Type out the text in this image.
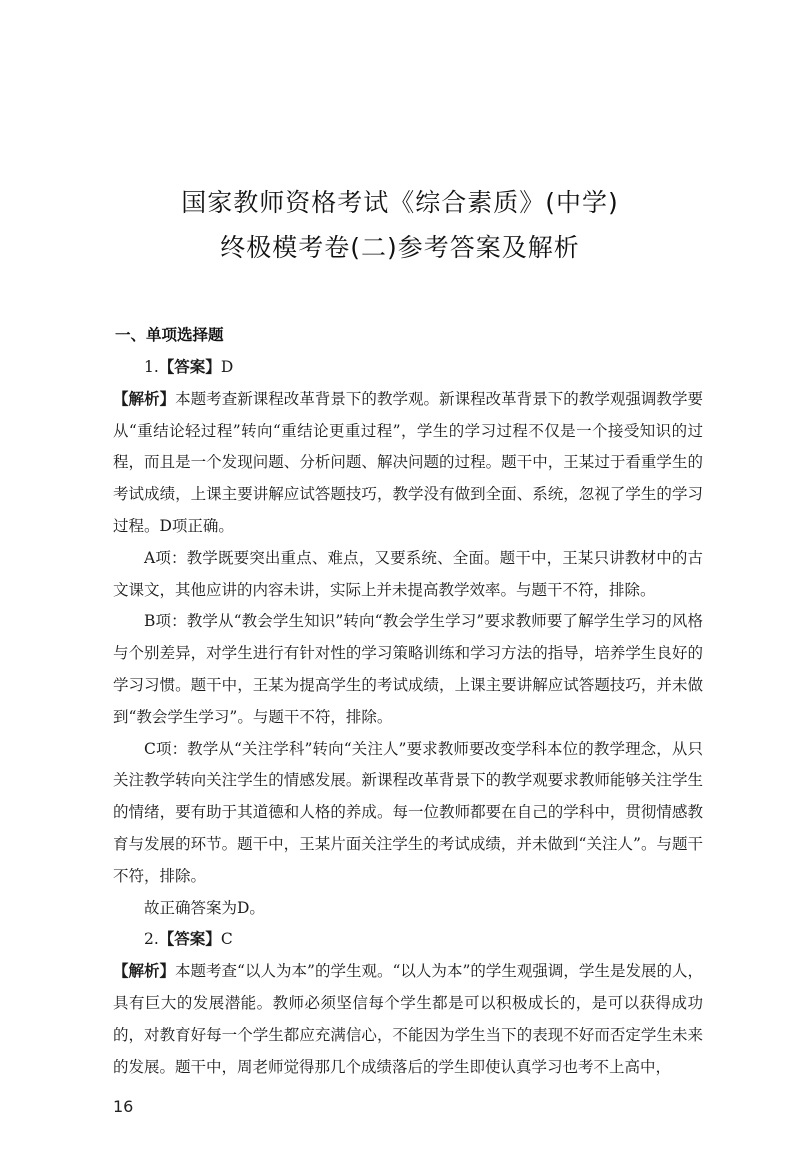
国家教师资格考试《综合素质》(中学)
终极模考卷(二)参考答案及解析
一、单项选择题

1.【答案】D

【解析】本题考查新课程改革背景下的教学观。新课程改革背景下的教学观强调教学要从“重结论轻过程”转向“重结论更重过程”，学生的学习过程不仅是一个接受知识的过程，而且是一个发现问题、分析问题、解决问题的过程。题干中，王某过于看重学生的考试成绩，上课主要讲解应试答题技巧，教学没有做到全面、系统，忽视了学生的学习过程。D项正确。

A项：教学既要突出重点、难点，又要系统、全面。题干中，王某只讲教材中的古文课文，其他应讲的内容未讲，实际上并未提高教学效率。与题干不符，排除。

B项：教学从“教会学生知识”转向“教会学生学习”要求教师要了解学生学习的风格与个别差异，对学生进行有针对性的学习策略训练和学习方法的指导，培养学生良好的学习习惯。题干中，王某为提高学生的考试成绩，上课主要讲解应试答题技巧，并未做到“教会学生学习”。与题干不符，排除。

C项：教学从“关注学科”转向“关注人”要求教师要改变学科本位的教学理念，从只关注教学转向关注学生的情感发展。新课程改革背景下的教学观要求教师能够关注学生的情绪，要有助于其道德和人格的养成。每一位教师都要在自己的学科中，贯彻情感教育与发展的环节。题干中，王某片面关注学生的考试成绩，并未做到“关注人”。与题干不符，排除。

故正确答案为D。

2.【答案】C

【解析】本题考查“以人为本”的学生观。“以人为本”的学生观强调，学生是发展的人，具有巨大的发展潜能。教师必须坚信每个学生都是可以积极成长的，是可以获得成功的，对教育好每一个学生都应充满信心，不能因为学生当下的表现不好而否定学生未来的发展。题干中，周老师觉得那几个成绩落后的学生即使认真学习也考不上高中，

16
